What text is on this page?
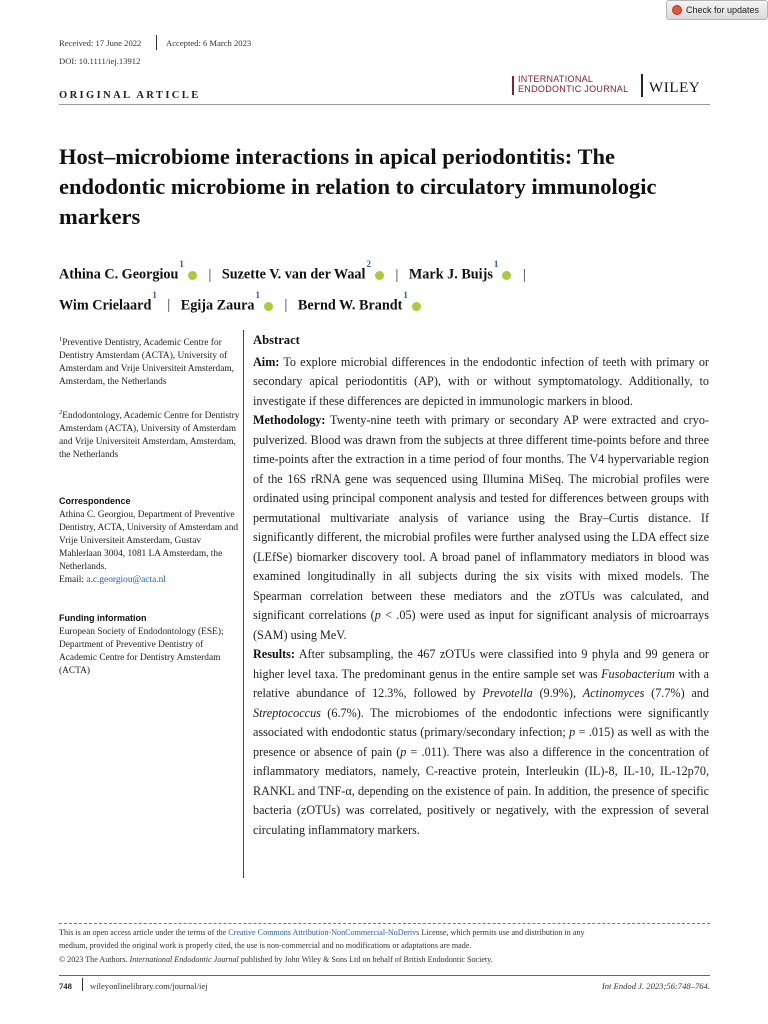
Check for updates
Received: 17 June 2022	Accepted: 6 March 2023
DOI: 10.1111/iej.13912
ORIGINAL ARTICLE
INTERNATIONAL
ENDODONTIC JOURNAL WILEY
Host–microbiome interactions in apical periodontitis: The endodontic microbiome in relation to circulatory immunologic markers
Athina C. Georgiou$^1$ | Suzette V. van der Waal$^2$ | Mark J. Buijs$^1$ |
Wim Crielaard$^1$ | Egija Zaura$^1$ | Bernd W. Brandt$^1$
$^1$Preventive Dentistry, Academic Centre for Dentistry Amsterdam (ACTA), University of Amsterdam and Vrije Universiteit Amsterdam, Amsterdam, the Netherlands
$^2$Endodontology, Academic Centre for Dentistry Amsterdam (ACTA), University of Amsterdam and Vrije Universiteit Amsterdam, Amsterdam, the Netherlands
Correspondence
Athina C. Georgiou, Department of Preventive Dentistry, ACTA, University of Amsterdam and Vrije Universiteit Amsterdam, Gustav Mahlerlaan 3004, 1081 LA Amsterdam, the Netherlands.
Email: a.c.georgiou@acta.nl
Funding information
European Society of Endodontology (ESE); Department of Preventive Dentistry of Academic Centre for Dentistry Amsterdam (ACTA)
Abstract

Aim: To explore microbial differences in the endodontic infection of teeth with primary or secondary apical periodontitis (AP), with or without symptomatology. Additionally, to investigate if these differences are depicted in immunologic markers in blood.

Methodology: Twenty-nine teeth with primary or secondary AP were extracted and cryo-pulverized. Blood was drawn from the subjects at three different time-points before and three time-points after the extraction in a time period of four months. The V4 hypervariable region of the 16S rRNA gene was sequenced using Illumina MiSeq. The microbial profiles were ordinated using principal component analysis and tested for differences between groups with permutational multivariate analysis of variance using the Bray–Curtis distance. If significantly different, the microbial profiles were further analysed using the LDA effect size (LEfSe) biomarker discovery tool. A broad panel of inflammatory mediators in blood was examined longitudinally in all subjects during the six visits with mixed models. The Spearman correlation between these mediators and the zOTUs was calculated, and significant correlations (p < .05) were used as input for significant analysis of microarrays (SAM) using MeV.

Results: After subsampling, the 467 zOTUs were classified into 9 phyla and 99 genera or higher level taxa. The predominant genus in the entire sample set was Fusobacterium with a relative abundance of 12.3%, followed by Prevotella (9.9%), Actinomyces (7.7%) and Streptococcus (6.7%). The microbiomes of the endodontic infections were significantly associated with endodontic status (primary/secondary infection; p = .015) as well as with the presence or absence of pain (p = .011). There was also a difference in the concentration of inflammatory mediators, namely, C-reactive protein, Interleukin (IL)-8, IL-10, IL-12p70, RANKL and TNF-α, depending on the existence of pain. In addition, the presence of specific bacteria (zOTUs) was correlated, positively or negatively, with the expression of several circulating inflammatory markers.

This is an open access article under the terms of the Creative Commons Attribution-NonCommercial-NoDerivs License, which permits use and distribution in any
medium, provided the original work is properly cited, the use is non-commercial and no modifications or adaptations are made.
© 2023 The Authors. International Endodontic Journal published by John Wiley & Sons Ltd on behalf of British Endodontic Society.
748 wileyonlinelibrary.com/journal/iej	Int Endod J. 2023;56:748–764.
